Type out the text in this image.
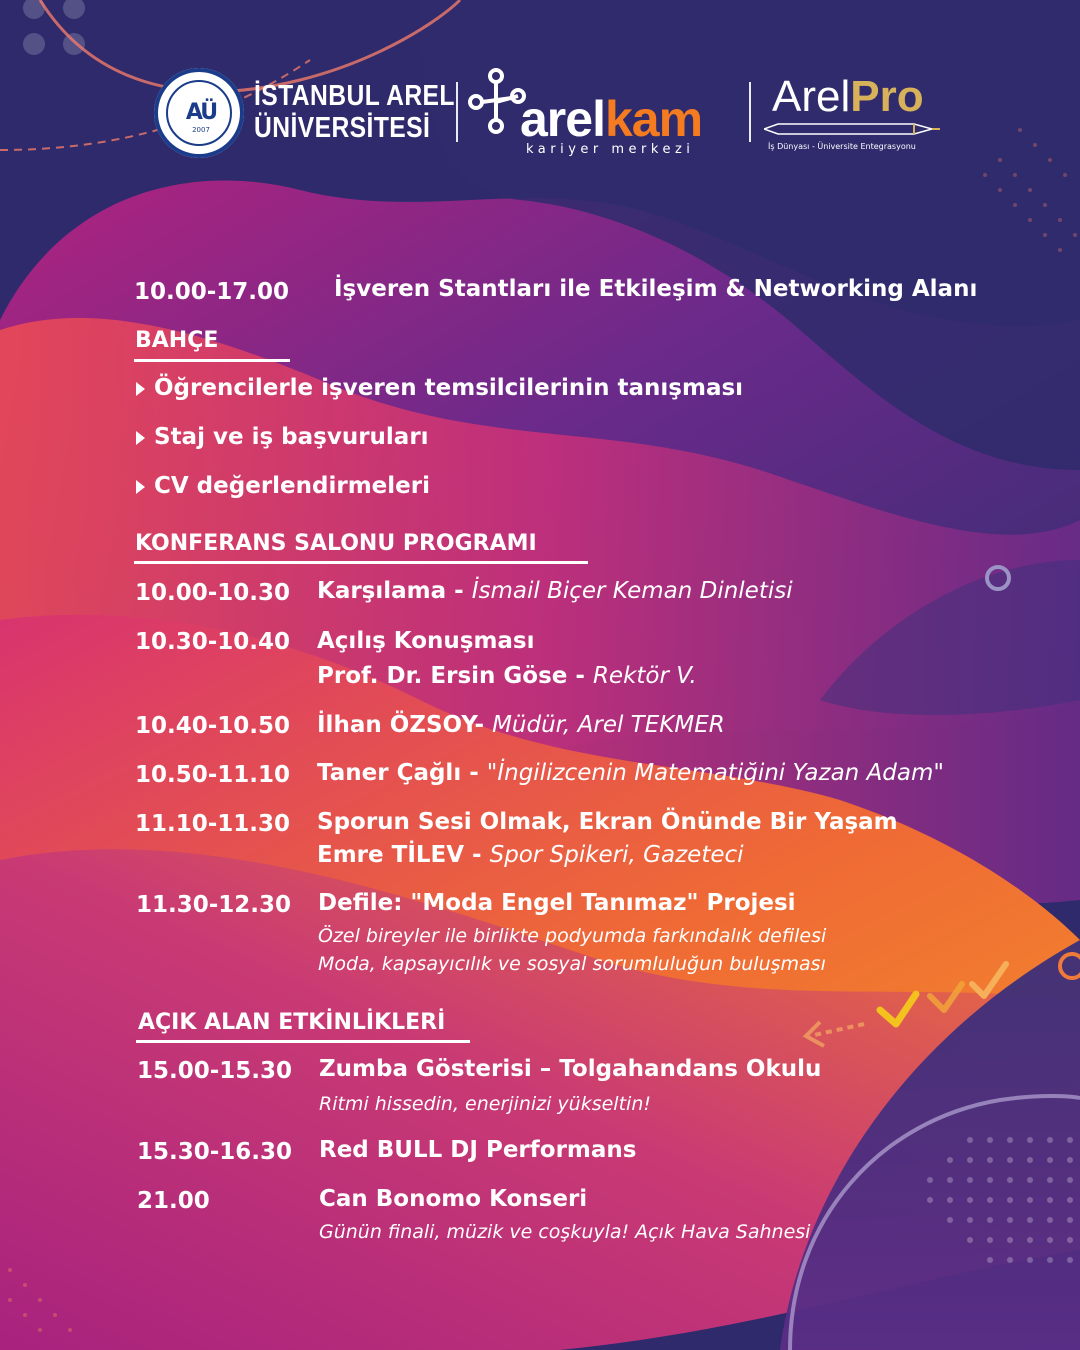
AÜ
2007
İSTANBUL AREL
ÜNİVERSİTESİ	arelkam
kariyer merkezi
ArelPro
İş Dünyası - Üniversite Entegrasyonu
10.00-17.00 İşveren Stantları ile Etkileşim & Networking Alanı
BAHÇE
Öğrencilerle işveren temsilcilerinin tanışması
Staj ve iş başvuruları
CV değerlendirmeleri
KONFERANS SALONU PROGRAMI
10.00-10.30 Karşılama - İsmail Biçer Keman Dinletisi
10.30-10.40 Açılış Konuşması
Prof. Dr. Ersin Göse - Rektör V.
10.40-10.50 İlhan ÖZSOY- Müdür, Arel TEKMER
10.50-11.10 Taner Çağlı - "İngilizcenin Matematiğini Yazan Adam"
11.10-11.30 Sporun Sesi Olmak, Ekran Önünde Bir Yaşam
Emre TİLEV - Spor Spikeri, Gazeteci
11.30-12.30 Defile: "Moda Engel Tanımaz" Projesi
Özel bireyler ile birlikte podyumda farkındalık defilesi
Moda, kapsayıcılık ve sosyal sorumluluğun buluşması
AÇIK ALAN ETKİNLİKLERİ
15.00-15.30 Zumba Gösterisi – Tolgahandans Okulu
Ritmi hissedin, enerjinizi yükseltin!
15.30-16.30 Red BULL DJ Performans
21.00	Can Bonomo Konseri
Günün finali, müzik ve coşkuyla! Açık Hava Sahnesi
